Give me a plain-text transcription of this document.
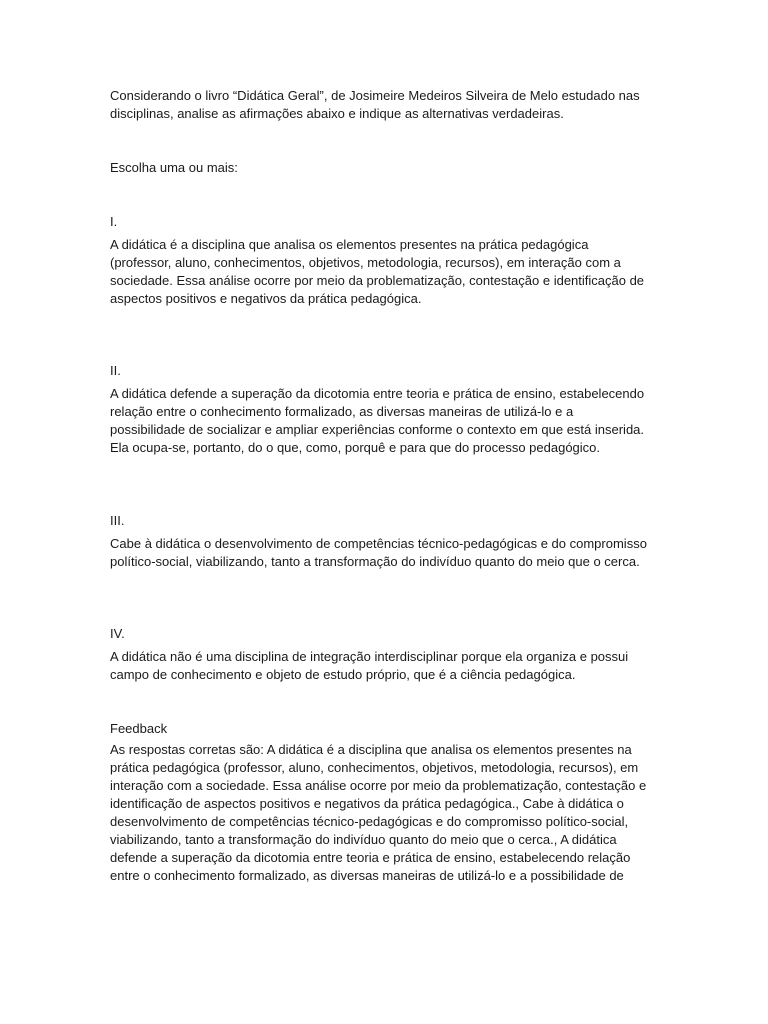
Considerando o livro “Didática Geral”, de Josimeire Medeiros Silveira de Melo estudado nas disciplinas, analise as afirmações abaixo e indique as alternativas verdadeiras.

Escolha uma ou mais:

I.

A didática é a disciplina que analisa os elementos presentes na prática pedagógica (professor, aluno, conhecimentos, objetivos, metodologia, recursos), em interação com a sociedade. Essa análise ocorre por meio da problematização, contestação e identificação de aspectos positivos e negativos da prática pedagógica.

II.

A didática defende a superação da dicotomia entre teoria e prática de ensino, estabelecendo relação entre o conhecimento formalizado, as diversas maneiras de utilizá-lo e a possibilidade de socializar e ampliar experiências conforme o contexto em que está inserida. Ela ocupa-se, portanto, do o que, como, porquê e para que do processo pedagógico.

III.

Cabe à didática o desenvolvimento de competências técnico-pedagógicas e do compromisso político-social, viabilizando, tanto a transformação do indivíduo quanto do meio que o cerca.

IV.

A didática não é uma disciplina de integração interdisciplinar porque ela organiza e possui campo de conhecimento e objeto de estudo próprio, que é a ciência pedagógica.

Feedback

As respostas corretas são: A didática é a disciplina que analisa os elementos presentes na prática pedagógica (professor, aluno, conhecimentos, objetivos, metodologia, recursos), em interação com a sociedade. Essa análise ocorre por meio da problematização, contestação e identificação de aspectos positivos e negativos da prática pedagógica., Cabe à didática o desenvolvimento de competências técnico-pedagógicas e do compromisso político-social, viabilizando, tanto a transformação do indivíduo quanto do meio que o cerca., A didática defende a superação da dicotomia entre teoria e prática de ensino, estabelecendo relação entre o conhecimento formalizado, as diversas maneiras de utilizá-lo e a possibilidade de
